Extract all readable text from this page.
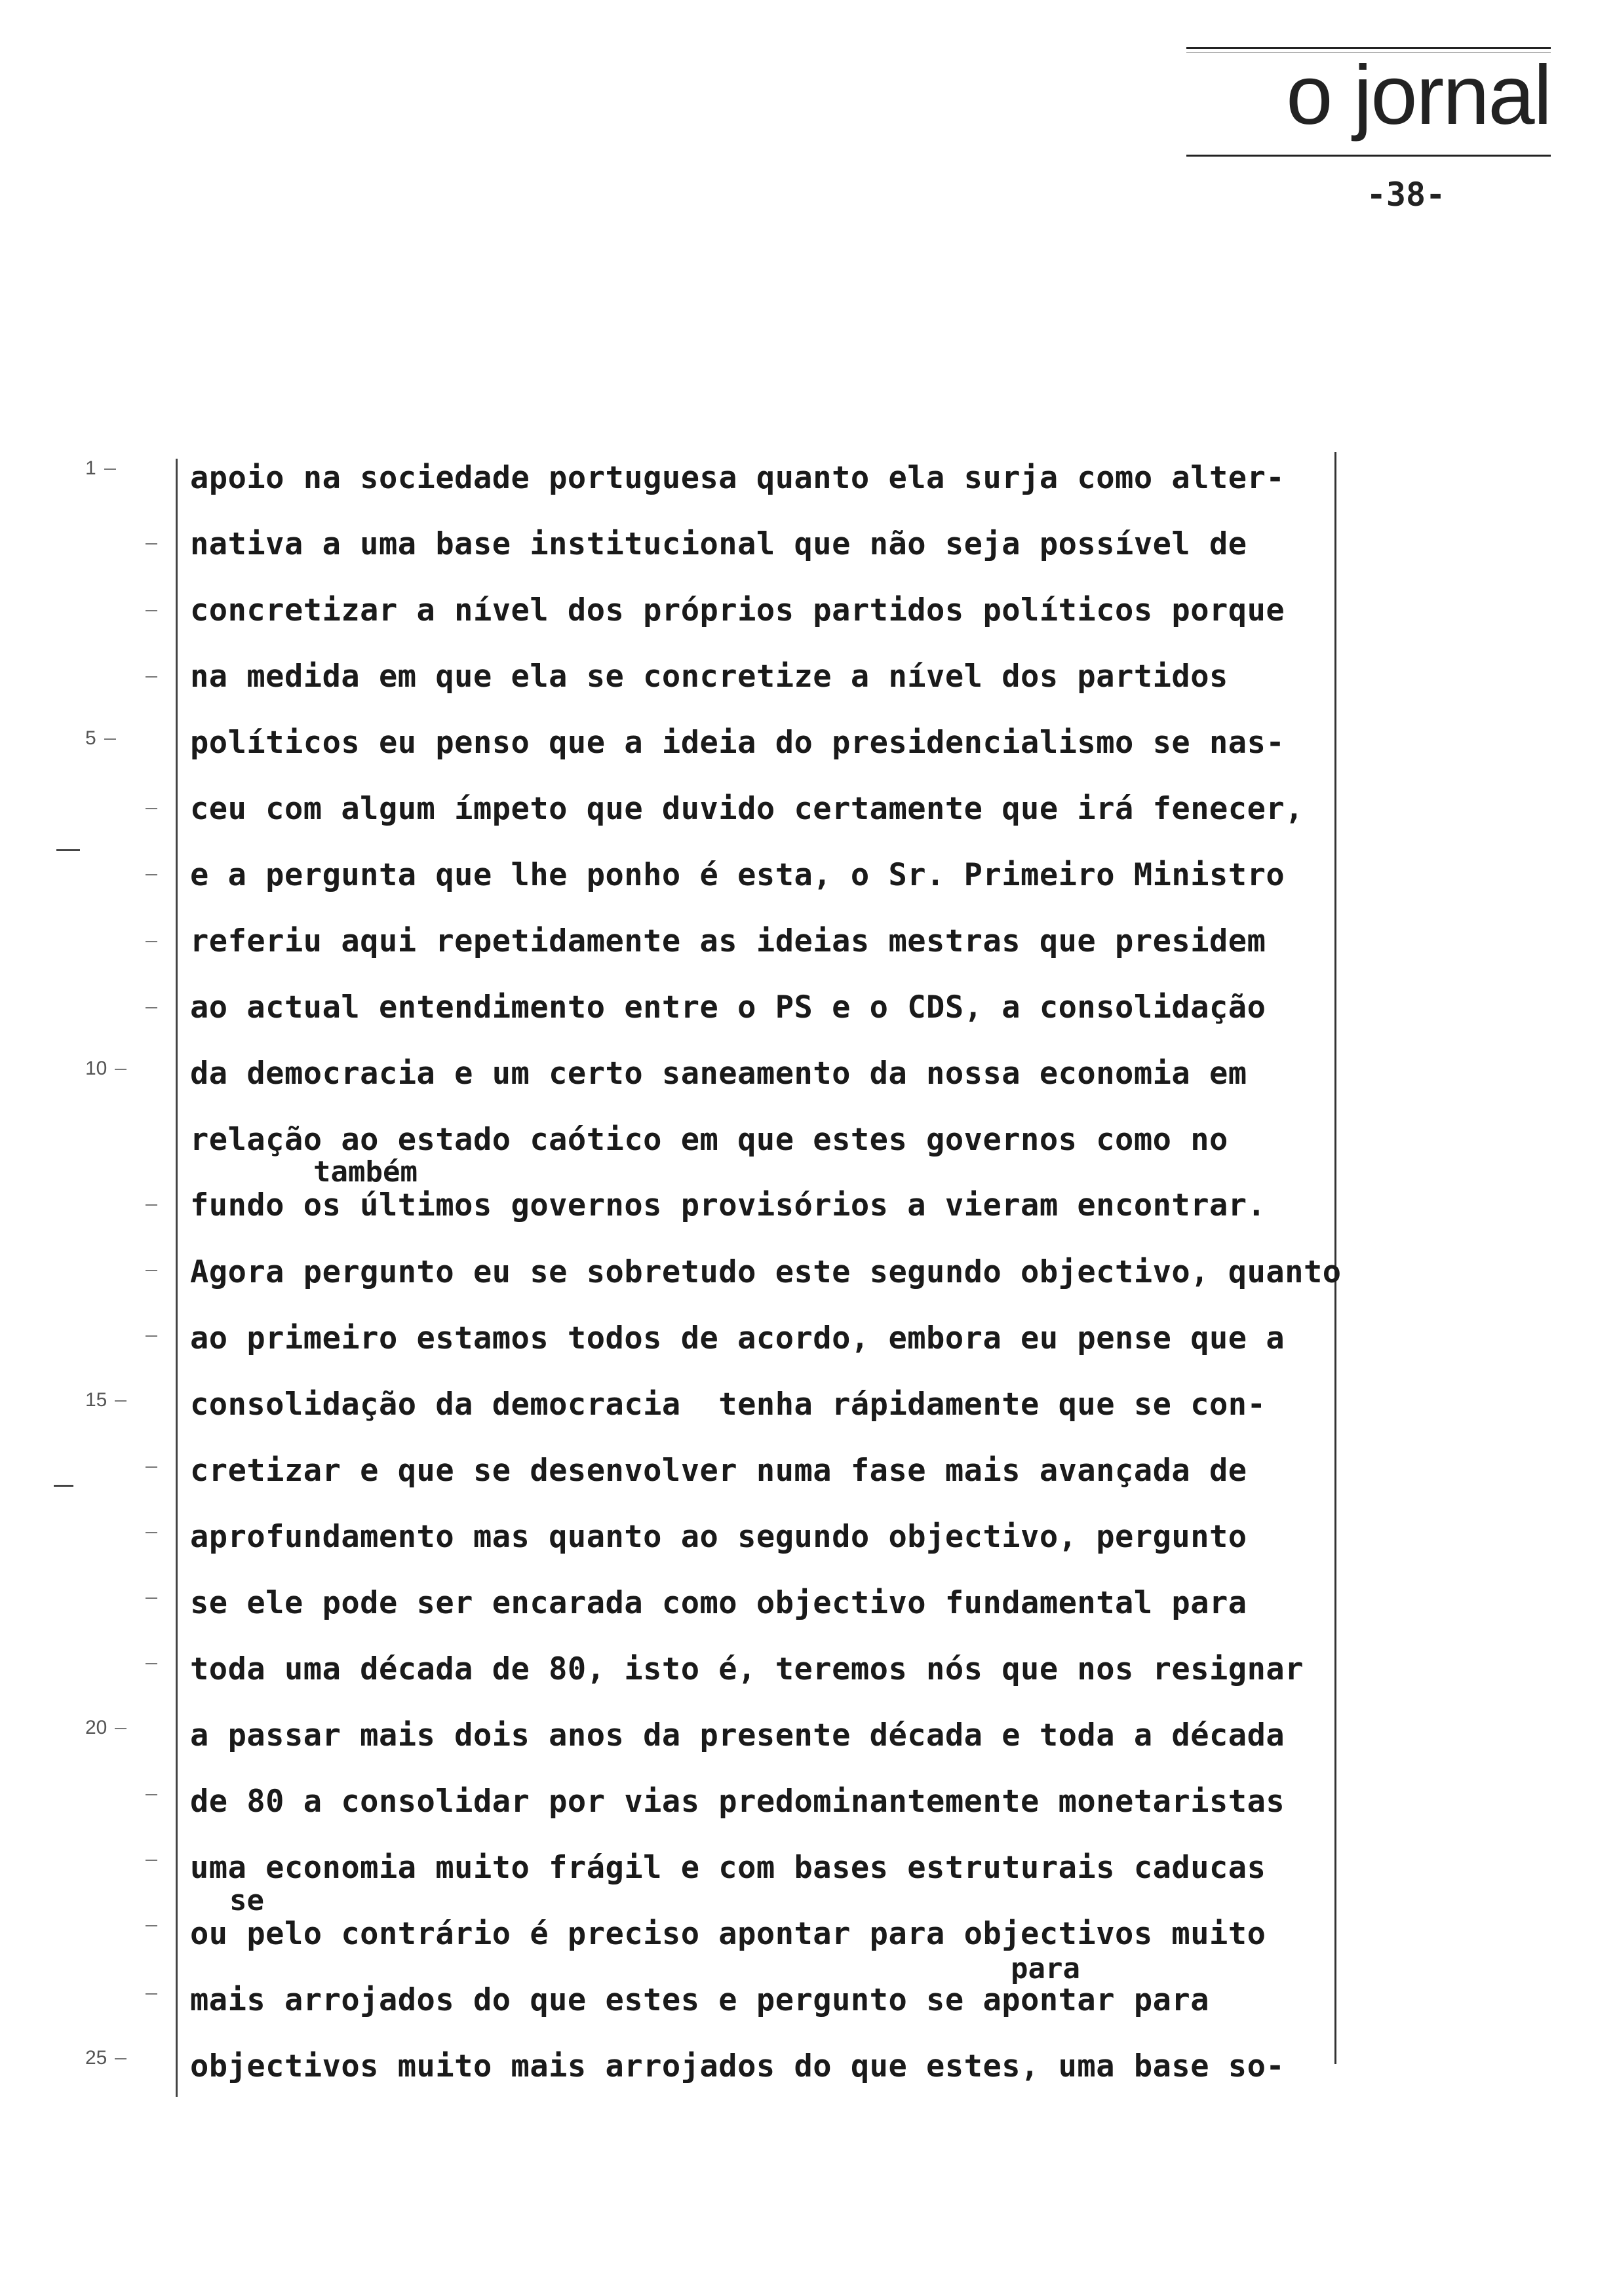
o jornal
-38-
1
5
10
15
20
25
apoio na sociedade portuguesa quanto ela surja como alter-
nativa a uma base institucional que não seja possível de
concretizar a nível dos próprios partidos políticos porque
na medida em que ela se concretize a nível dos partidos
políticos eu penso que a ideia do presidencialismo se nas-
ceu com algum ímpeto que duvido certamente que irá fenecer,
e a pergunta que lhe ponho é esta, o Sr. Primeiro Ministro
referiu aqui repetidamente as ideias mestras que presidem
ao actual entendimento entre o PS e o CDS, a consolidação
da democracia e um certo saneamento da nossa economia em
relação ao estado caótico em que estes governos como no
também
fundo os últimos governos provisórios a vieram encontrar.
Agora pergunto eu se sobretudo este segundo objectivo, quanto
ao primeiro estamos todos de acordo, embora eu pense que a
consolidação da democracia  tenha rápidamente que se con-
cretizar e que se desenvolver numa fase mais avançada de
aprofundamento mas quanto ao segundo objectivo, pergunto
se ele pode ser encarada como objectivo fundamental para
toda uma década de 80, isto é, teremos nós que nos resignar
a passar mais dois anos da presente década e toda a década
de 80 a consolidar por vias predominantemente monetaristas
uma economia muito frágil e com bases estruturais caducas
se
ou pelo contrário é preciso apontar para objectivos muito
para
mais arrojados do que estes e pergunto se apontar para
objectivos muito mais arrojados do que estes, uma base so-
